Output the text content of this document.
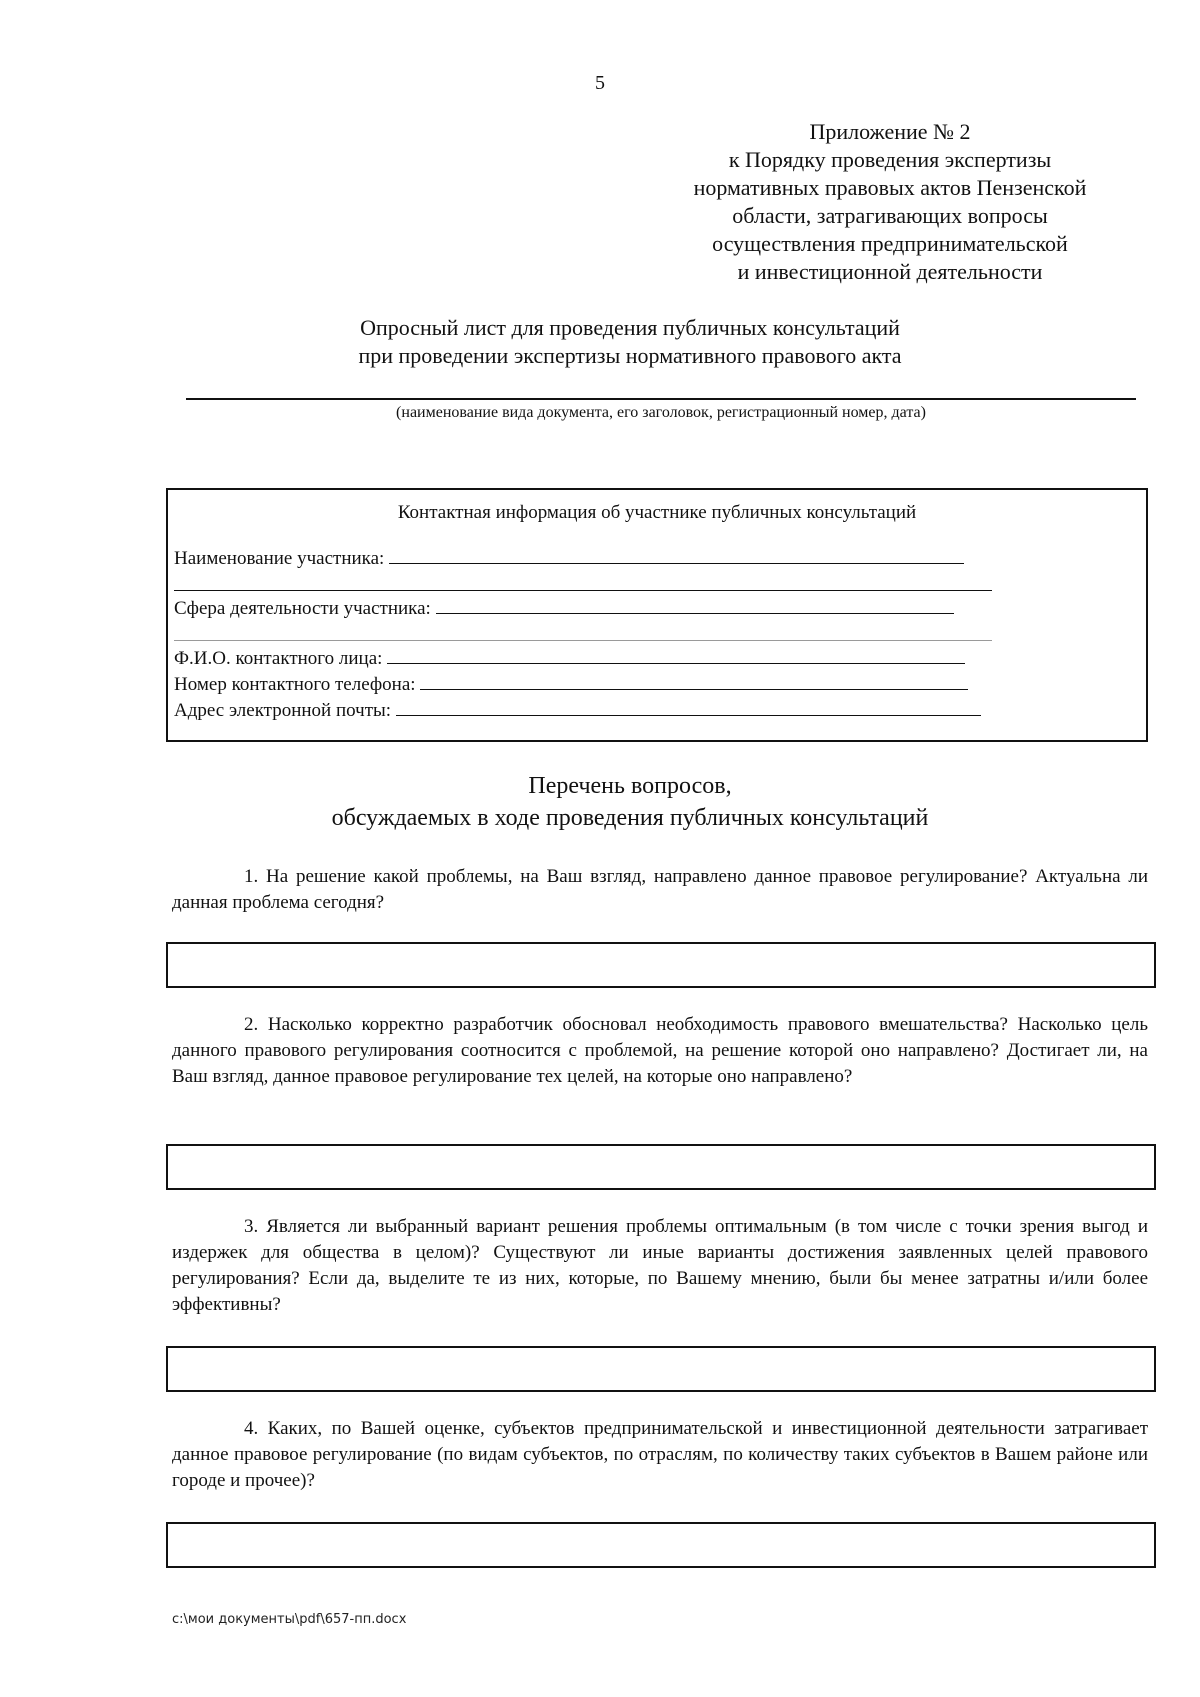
5
Приложение № 2
к Порядку проведения экспертизы
нормативных правовых актов Пензенской
области, затрагивающих вопросы
осуществления предпринимательской
и инвестиционной деятельности
Опросный лист для проведения публичных консультаций
при проведении экспертизы нормативного правового акта
(наименование вида документа, его заголовок, регистрационный номер, дата)
Контактная информация об участнике публичных консультаций
Наименование участника:
Сфера деятельности участника:
Ф.И.О. контактного лица:
Номер контактного телефона:
Адрес электронной почты:
Перечень вопросов,
обсуждаемых в ходе проведения публичных консультаций
1. На решение какой проблемы, на Ваш взгляд, направлено данное правовое регулирование? Актуальна ли данная проблема сегодня?
2. Насколько корректно разработчик обосновал необходимость правового вмешательства? Насколько цель данного правового регулирования соотносится с проблемой, на решение которой оно направлено? Достигает ли, на Ваш взгляд, данное правовое регулирование тех целей, на которые оно направлено?
3. Является ли выбранный вариант решения проблемы оптимальным (в том числе с точки зрения выгод и издержек для общества в целом)? Существуют ли иные варианты достижения заявленных целей правового регулирования? Если да, выделите те из них, которые, по Вашему мнению, были бы менее затратны и/или более эффективны?
4. Каких, по Вашей оценке, субъектов предпринимательской и инвестиционной деятельности затрагивает данное правовое регулирование (по видам субъектов, по отраслям, по количеству таких субъектов в Вашем районе или городе и прочее)?
c:\мои документы\pdf\657-пп.docx
